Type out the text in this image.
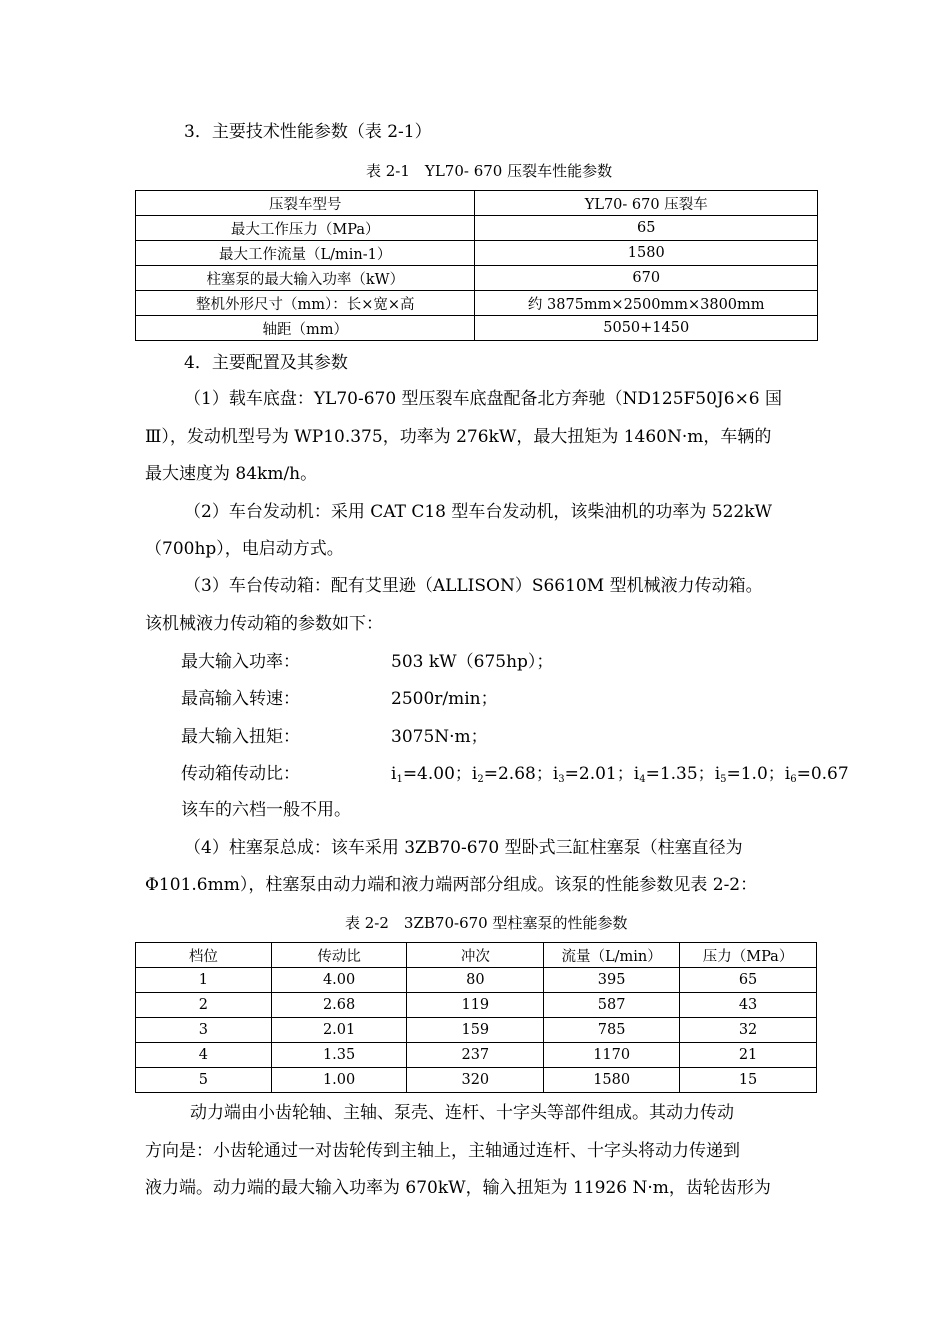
3．主要技术性能参数（表 2-1）
表 2-1　YL70- 670 压裂车性能参数
压裂车型号	YL70- 670 压裂车
最大工作压力（MPa）	65
最大工作流量（L/min-1）	1580
柱塞泵的最大输入功率（kW）	670
整机外形尺寸（mm）：长×宽×高	约 3875mm×2500mm×3800mm
轴距（mm）	5050+1450
4．主要配置及其参数
（1）载车底盘：YL70-670 型压裂车底盘配备北方奔驰（ND125F50J6×6 国
Ⅲ），发动机型号为 WP10.375，功率为 276kW，最大扭矩为 1460N·m，车辆的
最大速度为 84km/h。
（2）车台发动机：采用 CAT C18 型车台发动机，该柴油机的功率为 522kW
（700hp），电启动方式。
（3）车台传动箱：配有艾里逊（ALLISON）S6610M 型机械液力传动箱。
该机械液力传动箱的参数如下：
最大输入功率：	503 kW（675hp）；
最高输入转速：	2500r/min；
最大输入扭矩：	3075N·m；
传动箱传动比：	$i_1=4.00$；$i_2=2.68$；$i_3=2.01$；$i_4=1.35$；$i_5=1.0$；$i_6=0.67$
该车的六档一般不用。
（4）柱塞泵总成：该车采用 3ZB70-670 型卧式三缸柱塞泵（柱塞直径为
Φ101.6mm），柱塞泵由动力端和液力端两部分组成。该泵的性能参数见表 2-2：
表 2-2　3ZB70-670 型柱塞泵的性能参数
档位	传动比	冲次	流量（L/min）	压力（MPa）
1	4.00	80	395	65
2	2.68	119	587	43
3	2.01	159	785	32
4	1.35	237	1170	21
5	1.00	320	1580	15
动力端由小齿轮轴、主轴、泵壳、连杆、十字头等部件组成。其动力传动
方向是：小齿轮通过一对齿轮传到主轴上，主轴通过连杆、十字头将动力传递到
液力端。动力端的最大输入功率为 670kW，输入扭矩为 11926 N·m，齿轮齿形为
